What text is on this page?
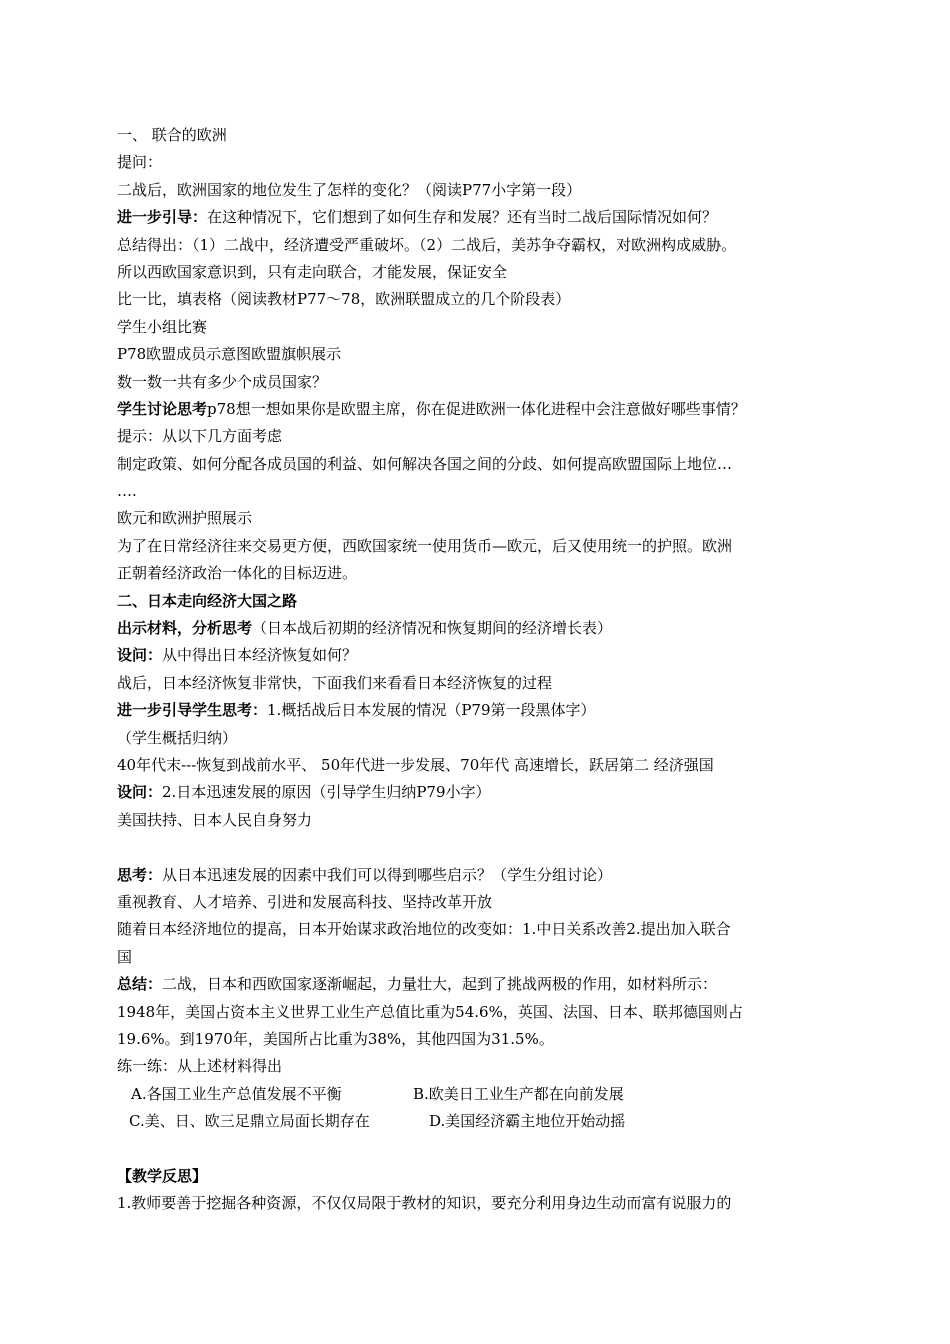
一、 联合的欧洲
提问：
二战后，欧洲国家的地位发生了怎样的变化？（阅读P77小字第一段）
进一步引导：在这种情况下，它们想到了如何生存和发展？还有当时二战后国际情况如何？
总结得出：（1）二战中，经济遭受严重破坏。（2）二战后，美苏争夺霸权，对欧洲构成威胁。
所以西欧国家意识到，只有走向联合，才能发展，保证安全
比一比，填表格（阅读教材P77～78，欧洲联盟成立的几个阶段表）
学生小组比赛
P78欧盟成员示意图欧盟旗帜展示
数一数一共有多少个成员国家？
学生讨论思考p78想一想如果你是欧盟主席，你在促进欧洲一体化进程中会注意做好哪些事情？
提示：从以下几方面考虑
制定政策、如何分配各成员国的利益、如何解决各国之间的分歧、如何提高欧盟国际上地位…
….
欧元和欧洲护照展示
为了在日常经济往来交易更方便，西欧国家统一使用货币—欧元，后又使用统一的护照。欧洲
正朝着经济政治一体化的目标迈进。
二、日本走向经济大国之路
出示材料，分析思考（日本战后初期的经济情况和恢复期间的经济增长表）
设问：从中得出日本经济恢复如何？
战后，日本经济恢复非常快，下面我们来看看日本经济恢复的过程
进一步引导学生思考：1.概括战后日本发展的情况（P79第一段黑体字）
（学生概括归纳）
40年代末---恢复到战前水平、 50年代进一步发展、70年代 高速增长，跃居第二 经济强国
设问：2.日本迅速发展的原因（引导学生归纳P79小字）
美国扶持、日本人民自身努力
思考：从日本迅速发展的因素中我们可以得到哪些启示？（学生分组讨论）
重视教育、人才培养、引进和发展高科技、坚持改革开放
随着日本经济地位的提高，日本开始谋求政治地位的改变如：1.中日关系改善2.提出加入联合
国
总结：二战，日本和西欧国家逐渐崛起，力量壮大，起到了挑战两极的作用，如材料所示：
1948年，美国占资本主义世界工业生产总值比重为54.6%，英国、法国、日本、联邦德国则占
19.6%。到1970年，美国所占比重为38%，其他四国为31.5%。
练一练：从上述材料得出
A.各国工业生产总值发展不平衡	B.欧美日工业生产都在向前发展
C.美、日、欧三足鼎立局面长期存在	D.美国经济霸主地位开始动摇
【教学反思】
1.教师要善于挖掘各种资源，不仅仅局限于教材的知识，要充分利用身边生动而富有说服力的
